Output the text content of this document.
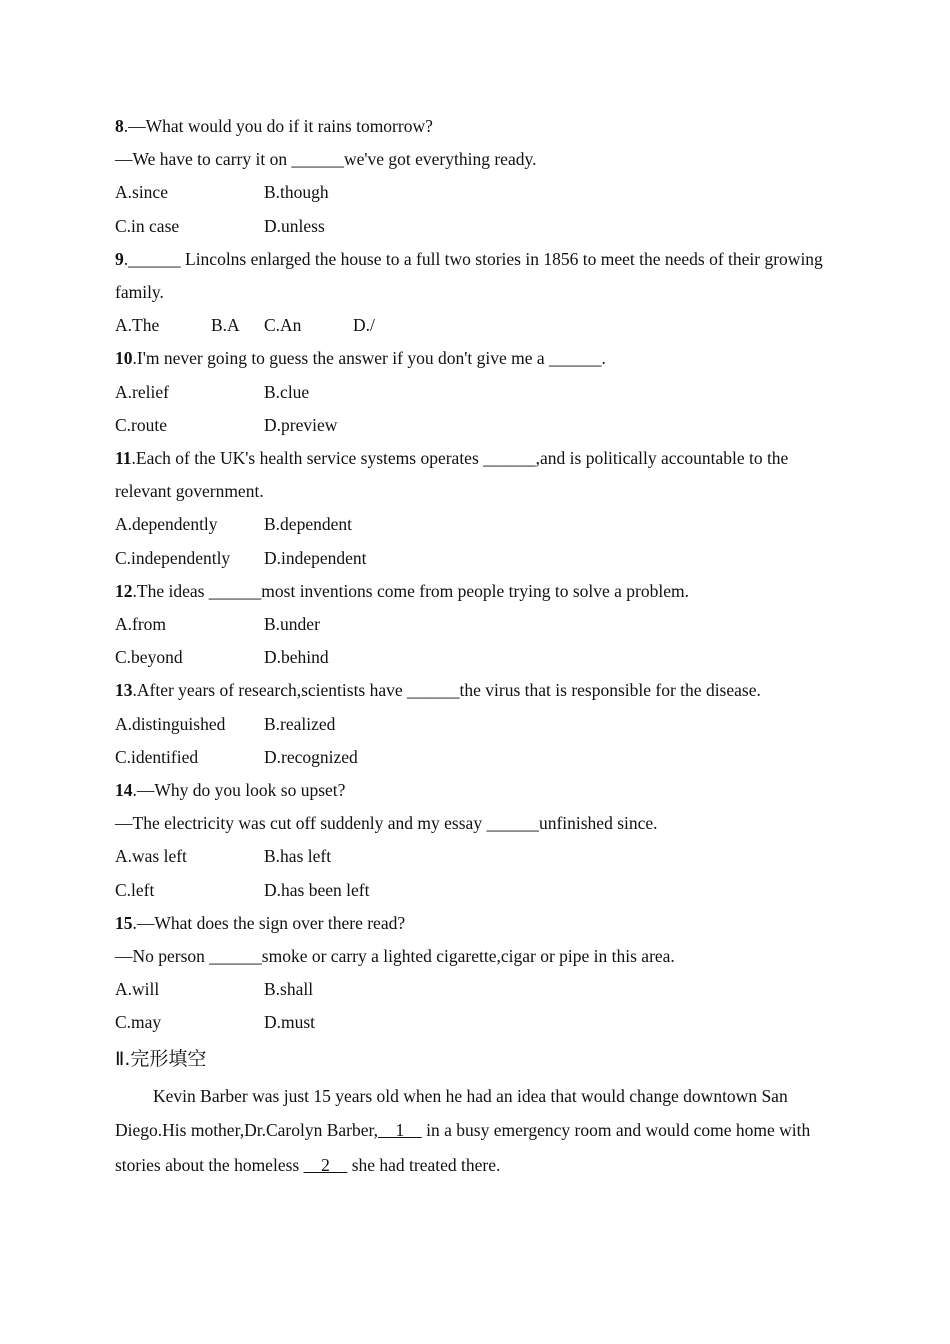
8.—What would you do if it rains tomorrow?
—We have to carry it on ______we've got everything ready.
A.since	B.though
C.in case	D.unless
9.______ Lincolns enlarged the house to a full two stories in 1856 to meet the needs of their growing family.
A.The	B.A	C.An	D./
10.I'm never going to guess the answer if you don't give me a ______.
A.relief	B.clue
C.route	D.preview
11.Each of the UK's health service systems operates ______,and is politically accountable to the relevant government.
A.dependently	B.dependent
C.independently	D.independent
12.The ideas ______most inventions come from people trying to solve a problem.
A.from	B.under
C.beyond	D.behind
13.After years of research,scientists have ______the virus that is responsible for the disease.
A.distinguished	B.realized
C.identified	D.recognized
14.—Why do you look so upset?
—The electricity was cut off suddenly and my essay ______unfinished since.
A.was left	B.has left
C.left	D.has been left
15.—What does the sign over there read?
—No person ______smoke or carry a lighted cigarette,cigar or pipe in this area.
A.will	B.shall
C.may	D.must
Ⅱ.完形填空
Kevin Barber was just 15 years old when he had an idea that would change downtown San Diego.His mother,Dr.Carolyn Barber,    1     in a busy emergency room and would come home with stories about the homeless     2     she had treated there.
